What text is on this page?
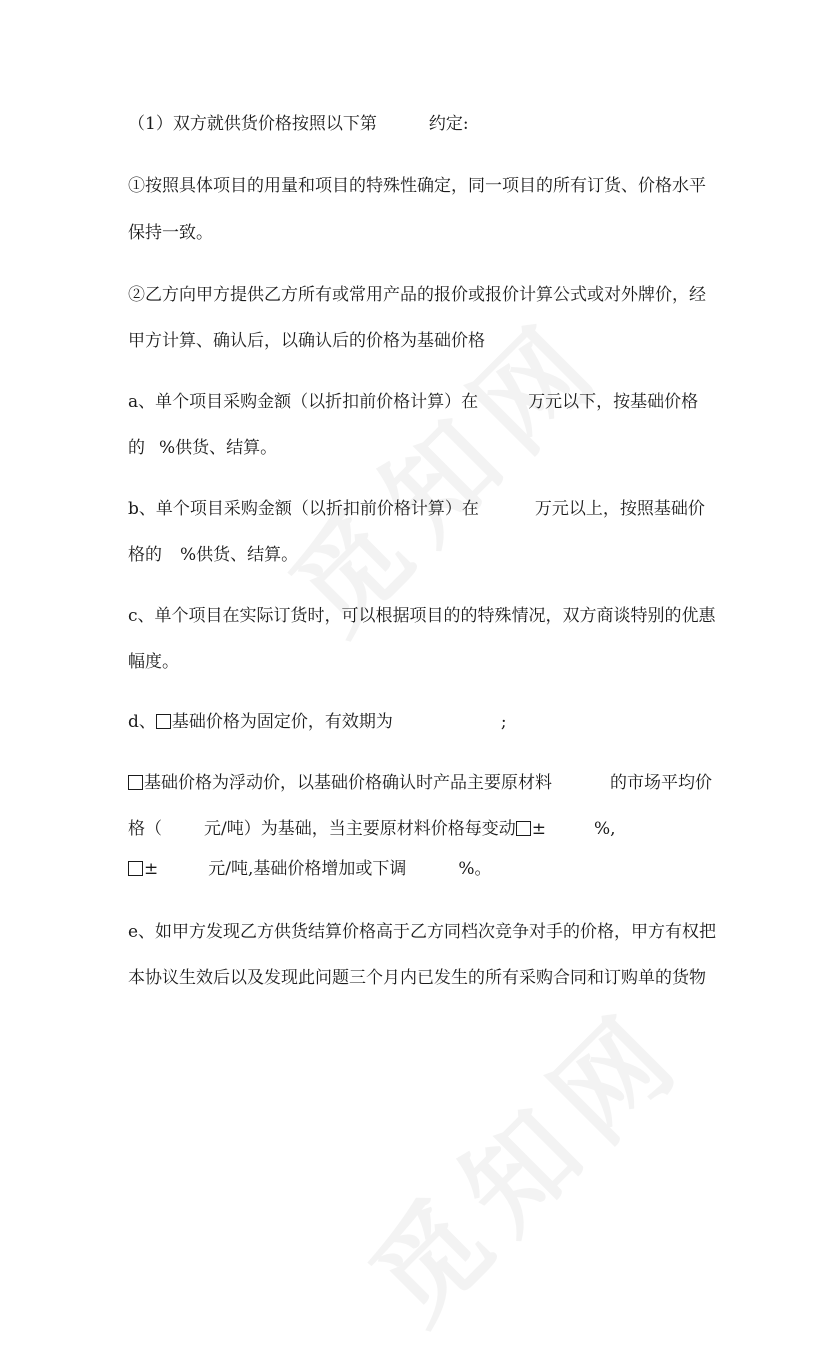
（1）双方就供货价格按照以下第	约定:
①按照具体项目的用量和项目的特殊性确定，同一项目的所有订货、价格水平
保持一致。
②乙方向甲方提供乙方所有或常用产品的报价或报价计算公式或对外牌价，经
甲方计算、确认后，以确认后的价格为基础价格
a、单个项目采购金额（以折扣前价格计算）在	万元以下，按基础价格
的 %供货、结算。
b、单个项目采购金额（以折扣前价格计算）在	万元以上，按照基础价
格的 %供货、结算。
c、单个项目在实际订货时，可以根据项目的的特殊情况，双方商谈特别的优惠
幅度。
d、 基础价格为固定价，有效期为	;
基础价格为浮动价，以基础价格确认时产品主要原材料	的市场平均价
格（ 元/吨）为基础，当主要原材料价格每变动 ±	%,
±	元/吨,基础价格增加或下调	%。
e、如甲方发现乙方供货结算价格高于乙方同档次竞争对手的价格，甲方有权把
本协议生效后以及发现此问题三个月内已发生的所有采购合同和订购单的货物
